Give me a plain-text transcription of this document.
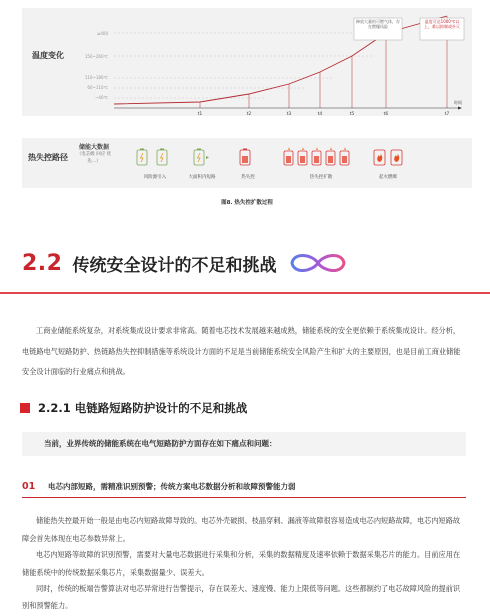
温度变化
≥400
150~260℃
110~180℃
60~110℃
~40℃
t1	t2	t3	t4	t5	t6	t7
时间
释放大量的可燃气体，存在燃爆风险
温度可达1000℃以上，难以抑制或扑灭
热失控路径
储能大数据
（电芯级 回应 优先…）
风险源引入	大面积内短路	热失控	热失控扩散	起火燃爆
图8. 热失控扩散过程
2.2 传统安全设计的不足和挑战
工商业储能系统复杂，对系统集成设计要求非常高。随着电芯技术发展越来越成熟，储能系统的安全更依赖于系统集成设计。经分析，电链路电气短路防护、热链路热失控抑制措施等系统设计方面的不足是当前储能系统安全风险产生和扩大的主要原因，也是目前工商业储能安全设计面临的行业痛点和挑战。
2.2.1 电链路短路防护设计的不足和挑战
当前，业界传统的储能系统在电气短路防护方面存在如下痛点和问题：
01	电芯内部短路，需精准识别预警；传统方案电芯数据分析和故障预警能力弱
储能热失控最开始一般是由电芯内短路故障导致的。电芯外壳破损、枝晶穿刺、漏液等故障很容易造成电芯内短路故障，电芯内短路故障会首先体现在电芯参数异常上。
电芯内短路等故障的识别预警，需要对大量电芯数据进行采集和分析，采集的数据精度及速率依赖于数据采集芯片的能力。目前应用在储能系统中的传统数据采集芯片，采集数据量少、误差大。
同时，传统的板端告警算法对电芯异常进行告警提示，存在误差大、速度慢、能力上限低等问题。这些都制约了电芯故障风险的提前识别和预警能力。
